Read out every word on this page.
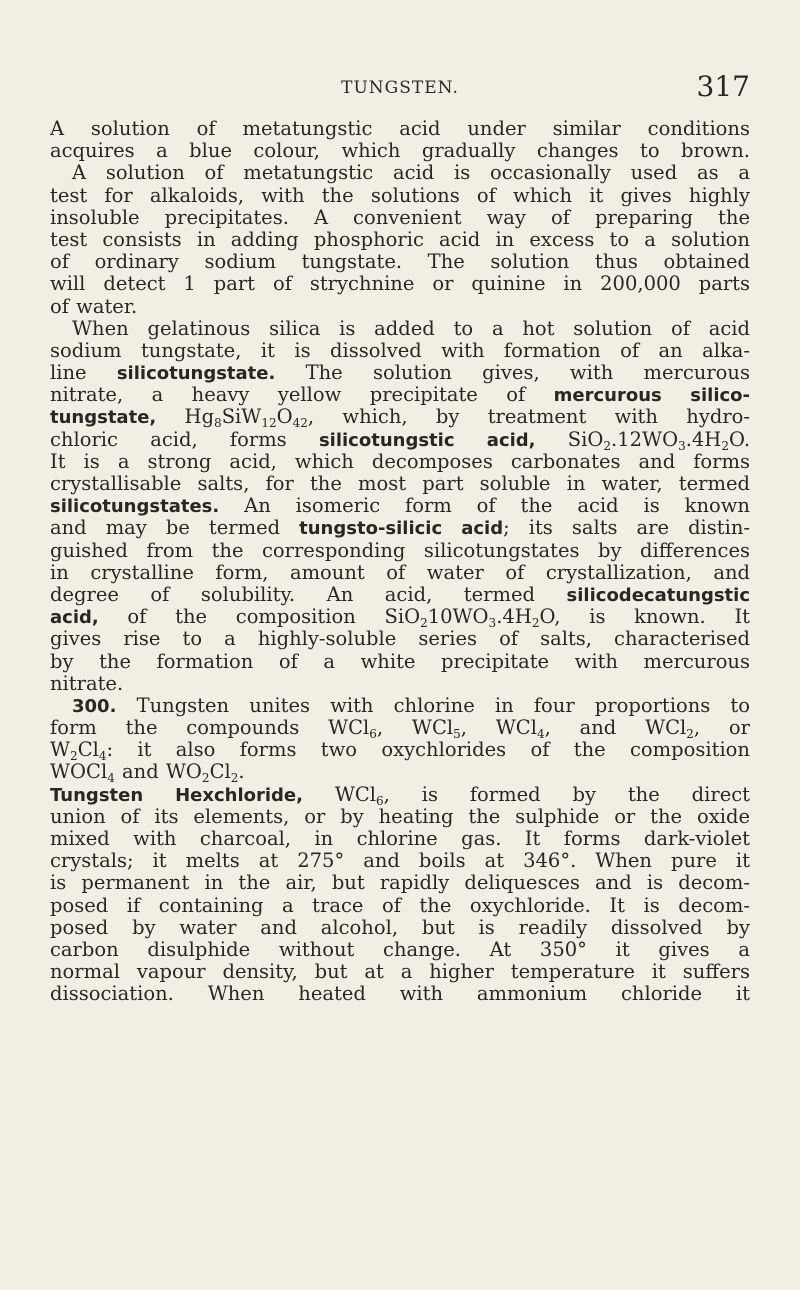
TUNGSTEN.	317
A solution of metatungstic acid under similar conditions
acquires a blue colour, which gradually changes to brown.
A solution of metatungstic acid is occasionally used as a
test for alkaloids, with the solutions of which it gives highly
insoluble precipitates. A convenient way of preparing the
test consists in adding phosphoric acid in excess to a solution
of ordinary sodium tungstate. The solution thus obtained
will detect 1 part of strychnine or quinine in 200,000 parts
of water.
When gelatinous silica is added to a hot solution of acid
sodium tungstate, it is dissolved with formation of an alka-
line silicotungstate. The solution gives, with mercurous
nitrate, a heavy yellow precipitate of mercurous silico-
tungstate, $Hg_8SiW_{12}O_{42}$, which, by treatment with hydro-
chloric acid, forms silicotungstic acid, $SiO_2.12WO_3.4H_2O$.
It is a strong acid, which decomposes carbonates and forms
crystallisable salts, for the most part soluble in water, termed
silicotungstates. An isomeric form of the acid is known
and may be termed tungsto-silicic acid; its salts are distin-
guished from the corresponding silicotungstates by differences
in crystalline form, amount of water of crystallization, and
degree of solubility. An acid, termed silicodecatungstic
acid, of the composition $SiO_210WO_3.4H_2O$, is known. It
gives rise to a highly-soluble series of salts, characterised
by the formation of a white precipitate with mercurous
nitrate.
300. Tungsten unites with chlorine in four proportions to
form the compounds WCl$_6$, WCl$_5$, WCl$_4$, and WCl$_2$, or
$W_2Cl_4$: it also forms two oxychlorides of the composition
WOCl$_4$ and $WO_2Cl_2$.
Tungsten Hexchloride, WCl$_6$, is formed by the direct
union of its elements, or by heating the sulphide or the oxide
mixed with charcoal, in chlorine gas. It forms dark-violet
crystals; it melts at 275° and boils at 346°. When pure it
is permanent in the air, but rapidly deliquesces and is decom-
posed if containing a trace of the oxychloride. It is decom-
posed by water and alcohol, but is readily dissolved by
carbon disulphide without change. At 350° it gives a
normal vapour density, but at a higher temperature it suffers
dissociation. When heated with ammonium chloride it
